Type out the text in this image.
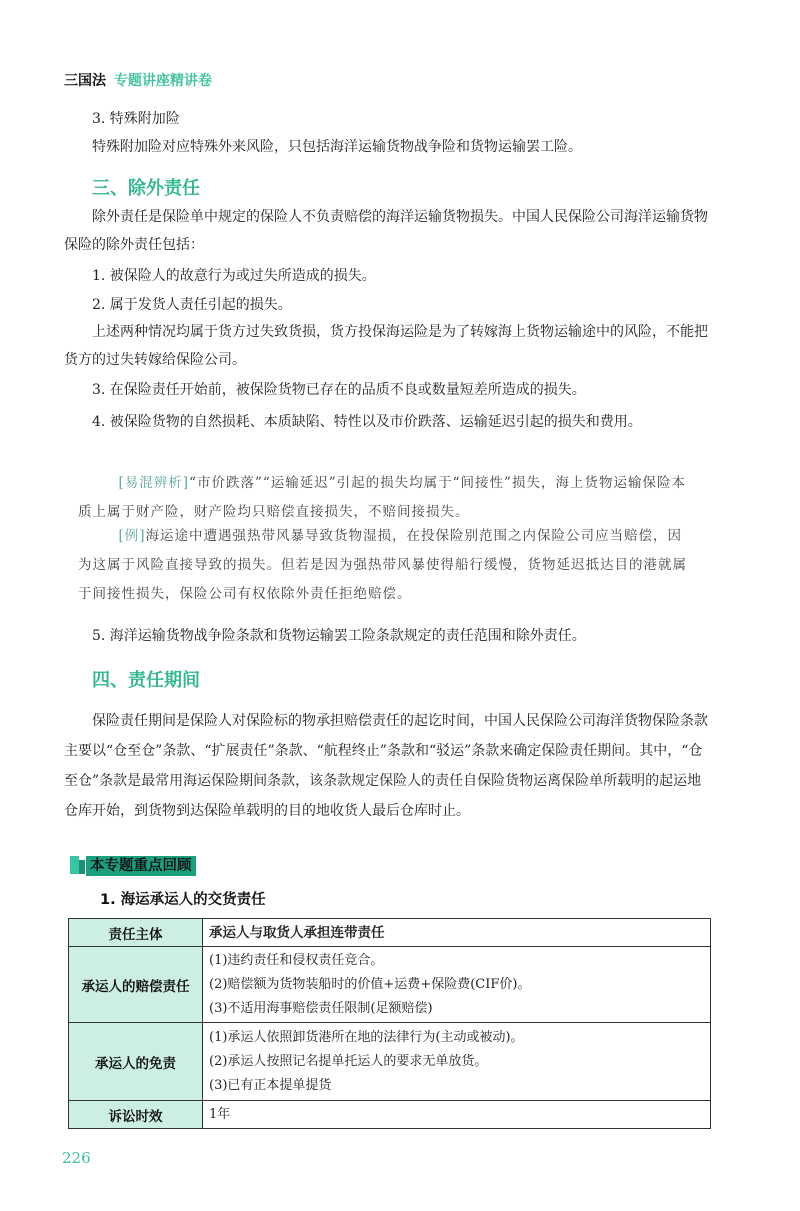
三国法 专题讲座精讲卷
3. 特殊附加险
特殊附加险对应特殊外来风险，只包括海洋运输货物战争险和货物运输罢工险。
三、除外责任
除外责任是保险单中规定的保险人不负责赔偿的海洋运输货物损失。中国人民保险公司海洋运输货物保险的除外责任包括：
1. 被保险人的故意行为或过失所造成的损失。
2. 属于发货人责任引起的损失。
上述两种情况均属于货方过失致货损，货方投保海运险是为了转嫁海上货物运输途中的风险，不能把货方的过失转嫁给保险公司。
3. 在保险责任开始前，被保险货物已存在的品质不良或数量短差所造成的损失。
4. 被保险货物的自然损耗、本质缺陷、特性以及市价跌落、运输延迟引起的损失和费用。
[易混辨析]“市价跌落”“运输延迟”引起的损失均属于“间接性”损失，海上货物运输保险本质上属于财产险，财产险均只赔偿直接损失，不赔间接损失。
[例]海运途中遭遇强热带风暴导致货物湿损，在投保险别范围之内保险公司应当赔偿，因为这属于风险直接导致的损失。但若是因为强热带风暴使得船行缓慢，货物延迟抵达目的港就属于间接性损失，保险公司有权依除外责任拒绝赔偿。
5. 海洋运输货物战争险条款和货物运输罢工险条款规定的责任范围和除外责任。
四、责任期间
保险责任期间是保险人对保险标的物承担赔偿责任的起讫时间，中国人民保险公司海洋货物保险条款主要以“仓至仓”条款、“扩展责任”条款、“航程终止”条款和“驳运”条款来确定保险责任期间。其中，“仓至仓”条款是最常用海运保险期间条款，该条款规定保险人的责任自保险货物运离保险单所载明的起运地仓库开始，到货物到达保险单载明的目的地收货人最后仓库时止。
本专题重点回顾
1. 海运承运人的交货责任
责任主体	承运人与取货人承担连带责任

承运人的赔偿责任	(1)违约责任和侵权责任竞合。
(2)赔偿额为货物装船时的价值+运费+保险费(CIF价)。
(3)不适用海事赔偿责任限制(足额赔偿)

承运人的免责	(1)承运人依照卸货港所在地的法律行为(主动或被动)。
(2)承运人按照记名提单托运人的要求无单放货。
(3)已有正本提单提货

诉讼时效	1年
226
